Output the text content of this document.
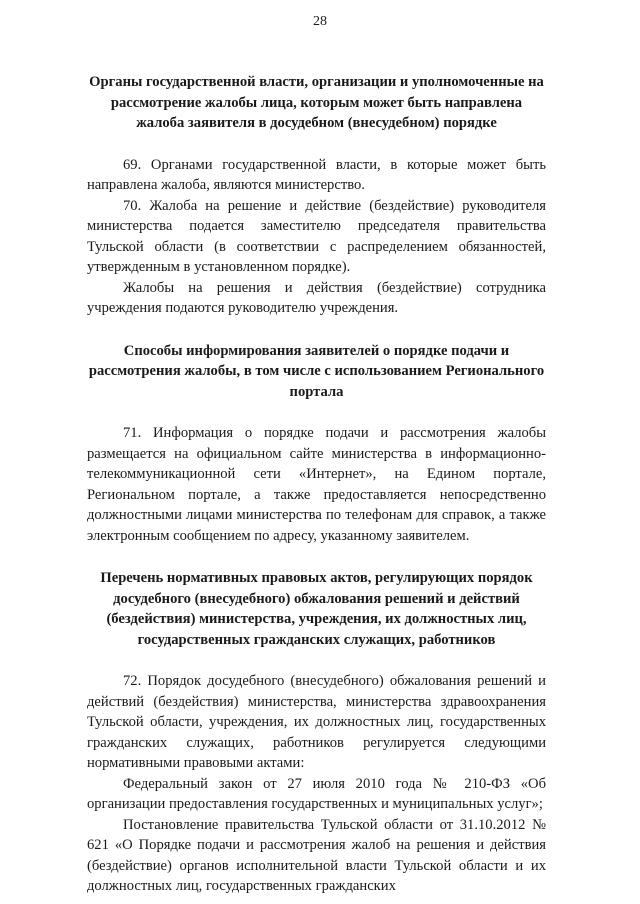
28

Органы государственной власти, организации и уполномоченные на рассмотрение жалобы лица, которым может быть направлена жалоба заявителя в досудебном (внесудебном) порядке

69. Органами государственной власти, в которые может быть направлена жалоба, являются министерство.

70. Жалоба на решение и действие (бездействие) руководителя министерства подается заместителю председателя правительства Тульской области (в соответствии с распределением обязанностей, утвержденным в установленном порядке).

Жалобы на решения и действия (бездействие) сотрудника учреждения подаются руководителю учреждения.

Способы информирования заявителей о порядке подачи и рассмотрения жалобы, в том числе с использованием Регионального портала

71. Информация о порядке подачи и рассмотрения жалобы размещается на официальном сайте министерства в информационно-телекоммуникационной сети «Интернет», на Едином портале, Региональном портале, а также предоставляется непосредственно должностными лицами министерства по телефонам для справок, а также электронным сообщением по адресу, указанному заявителем.

Перечень нормативных правовых актов, регулирующих порядок досудебного (внесудебного) обжалования решений и действий (бездействия) министерства, учреждения, их должностных лиц, государственных гражданских служащих, работников

72. Порядок досудебного (внесудебного) обжалования решений и действий (бездействия) министерства, министерства здравоохранения Тульской области, учреждения, их должностных лиц, государственных гражданских служащих, работников регулируется следующими нормативными правовыми актами:

Федеральный закон от 27 июля 2010 года № 210-ФЗ «Об организации предоставления государственных и муниципальных услуг»;

Постановление правительства Тульской области от 31.10.2012 № 621 «О Порядке подачи и рассмотрения жалоб на решения и действия (бездействие) органов исполнительной власти Тульской области и их должностных лиц, государственных гражданских
